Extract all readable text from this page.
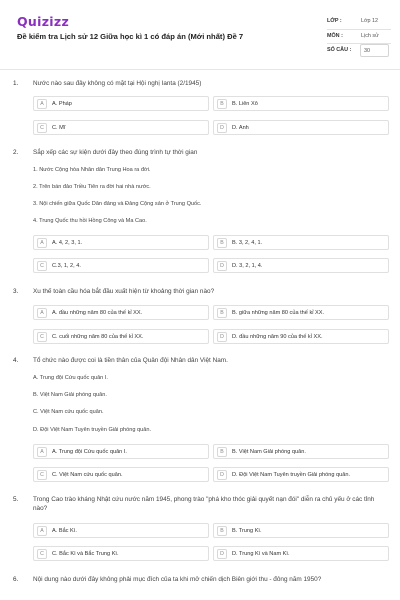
Quizizz
Đề kiểm tra Lịch sử 12 Giữa học kì 1 có đáp án (Mới nhất) Đề 7
LỚP :	Lớp 12
MÔN :	Lịch sử
SỐ CÂU : 30
1. Nước nào sau đây không có mặt tại Hội nghị Ianta (2/1945)
A	A. Pháp	B	B. Liên Xô
C	C. Mĩ	D	D. Anh
2. Sắp xếp các sự kiện dưới đây theo đúng trình tự thời gian
1. Nước Cộng hòa Nhân dân Trung Hoa ra đời.
2. Trên bán đảo Triều Tiên ra đời hai nhà nước.
3. Nội chiến giữa Quốc Dân đảng và Đảng Cộng sản ở Trung Quốc.
4. Trung Quốc thu hồi Hồng Công và Ma Cao.
A	A. 4, 2, 3, 1.	B	B. 3, 2, 4, 1.
C	C.3, 1, 2, 4.	D	D. 3, 2, 1, 4.
3. Xu thế toàn cầu hóa bắt đầu xuất hiện từ khoảng thời gian nào?
A	A. đầu những năm 80 của thế kỉ XX.	B	B. giữa những năm 80 của thế kỉ XX.
C	C. cuối những năm 80 của thế kỉ XX.	D	D. đầu những năm 90 của thế kỉ XX.
4. Tổ chức nào được coi là tiền thân của Quân đội Nhân dân Việt Nam.
A. Trung đội Cứu quốc quân I.
B. Việt Nam Giải phóng quân.
C. Việt Nam cứu quốc quân.
D. Đội Việt Nam Tuyên truyền Giải phóng quân.
A	A. Trung đội Cứu quốc quân I.	B	B. Việt Nam Giải phóng quân.
C	C. Việt Nam cứu quốc quân.	D	D. Đội Việt Nam Tuyên truyền Giải phóng quân.
5. Trong Cao trào kháng Nhật cứu nước năm 1945, phong trào "phá kho thóc giải quyết nạn đói" diễn ra chủ yếu ở các tỉnh nào?
A	A. Bắc Kì.	B	B. Trung Kì.
C	C. Bắc Kì và Bắc Trung Kì.	D	D. Trung Kì và Nam Kì.
6. Nội dung nào dưới đây không phải mục đích của ta khi mở chiến dịch Biên giới thu - đông năm 1950?
